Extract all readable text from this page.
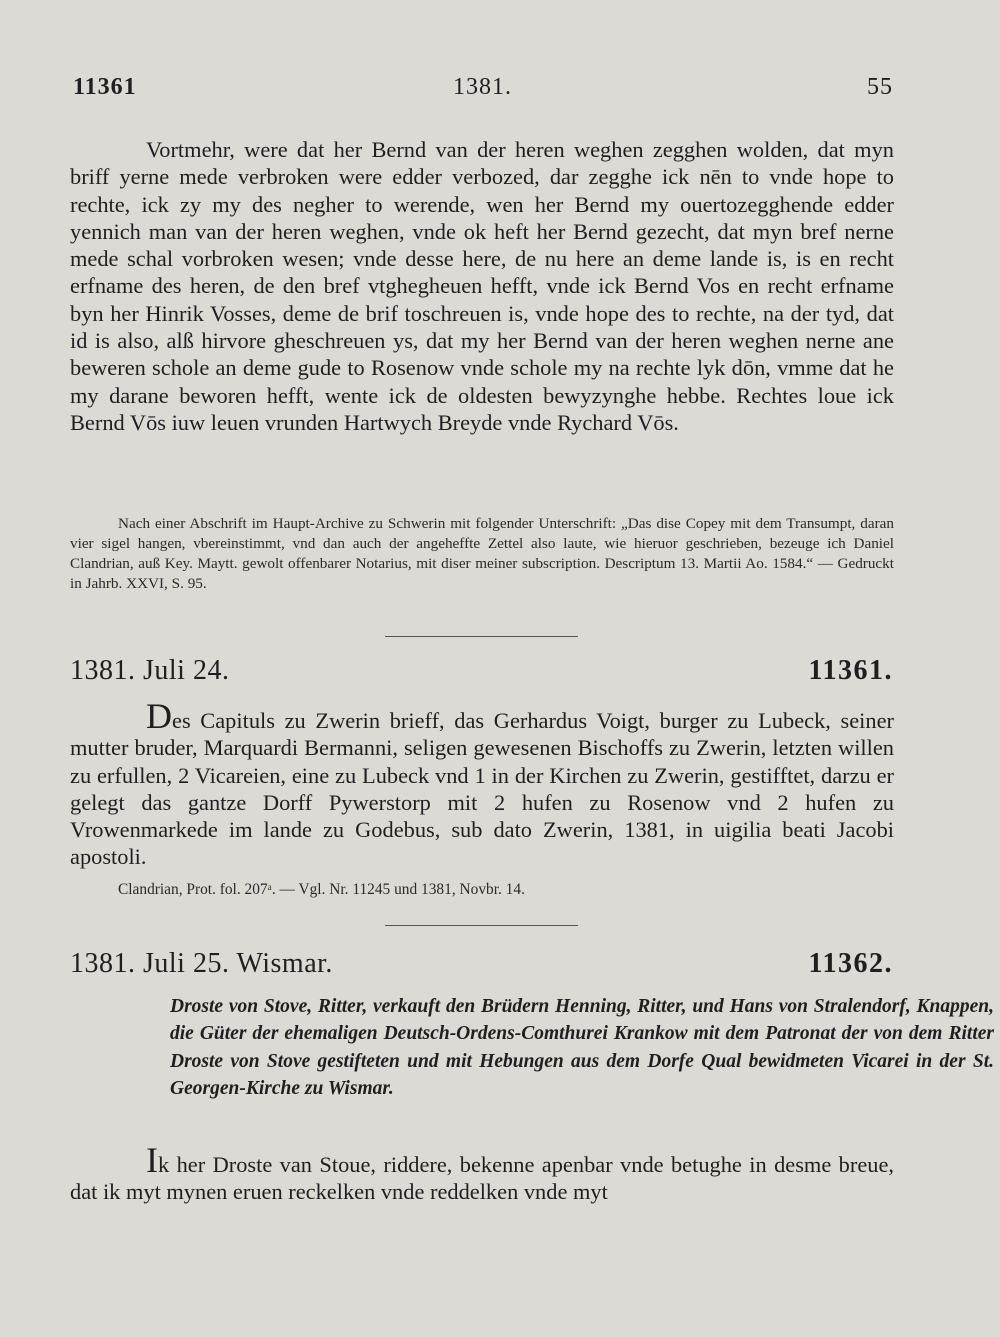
11361	1381.	55

Vortmehr, were dat her Bernd van der heren weghen zegghen wolden, dat myn briff yerne mede verbroken were edder verbozed, dar zegghe ick nēn to vnde hope to rechte, ick zy my des negher to werende, wen her Bernd my ouertozegghende edder yennich man van der heren weghen, vnde ok heft her Bernd gezecht, dat myn bref nerne mede schal vorbroken wesen; vnde desse here, de nu here an deme lande is, is en recht erfname des heren, de den bref vtghegheuen hefft, vnde ick Bernd Vos en recht erfname byn her Hinrik Vosses, deme de brif toschreuen is, vnde hope des to rechte, na der tyd, dat id is also, alß hirvore gheschreuen ys, dat my her Bernd van der heren weghen nerne ane beweren schole an deme gude to Rosenow vnde schole my na rechte lyk dōn, vmme dat he my darane beworen hefft, wente ick de oldesten bewyzynghe hebbe. Rechtes loue ick Bernd Vōs iuw leuen vrunden Hartwych Breyde vnde Rychard Vōs.

Nach einer Abschrift im Haupt-Archive zu Schwerin mit folgender Unterschrift: „Das dise Copey mit dem Transumpt, daran vier sigel hangen, vbereinstimmt, vnd dan auch der angeheffte Zettel also laute, wie hieruor geschrieben, bezeuge ich Daniel Clandrian, auß Key. Maytt. gewolt offenbarer Notarius, mit diser meiner subscription. Descriptum 13. Martii Ao. 1584.“ — Gedruckt in Jahrb. XXVI, S. 95.

1381. Juli 24.	11361.

Des Capituls zu Zwerin brieff, das Gerhardus Voigt, burger zu Lubeck, seiner mutter bruder, Marquardi Bermanni, seligen gewesenen Bischoffs zu Zwerin, letzten willen zu erfullen, 2 Vicareien, eine zu Lubeck vnd 1 in der Kirchen zu Zwerin, gestifftet, darzu er gelegt das gantze Dorff Pywerstorp mit 2 hufen zu Rosenow vnd 2 hufen zu Vrowenmarkede im lande zu Godebus, sub dato Zwerin, 1381, in uigilia beati Jacobi apostoli.

Clandrian, Prot. fol. 207ᵃ. — Vgl. Nr. 11245 und 1381, Novbr. 14.
1381. Juli 25. Wismar.	11362.
Droste von Stove, Ritter, verkauft den Brüdern Henning, Ritter, und Hans von Stralendorf, Knappen, die Güter der ehemaligen Deutsch-Ordens-Comthurei Krankow mit dem Patronat der von dem Ritter Droste von Stove gestifteten und mit Hebungen aus dem Dorfe Qual bewidmeten Vicarei in der St. Georgen-Kirche zu Wismar.

Ik her Droste van Stoue, riddere, bekenne apenbar vnde betughe in desme breue, dat ik myt mynen eruen reckelken vnde reddelken vnde myt
